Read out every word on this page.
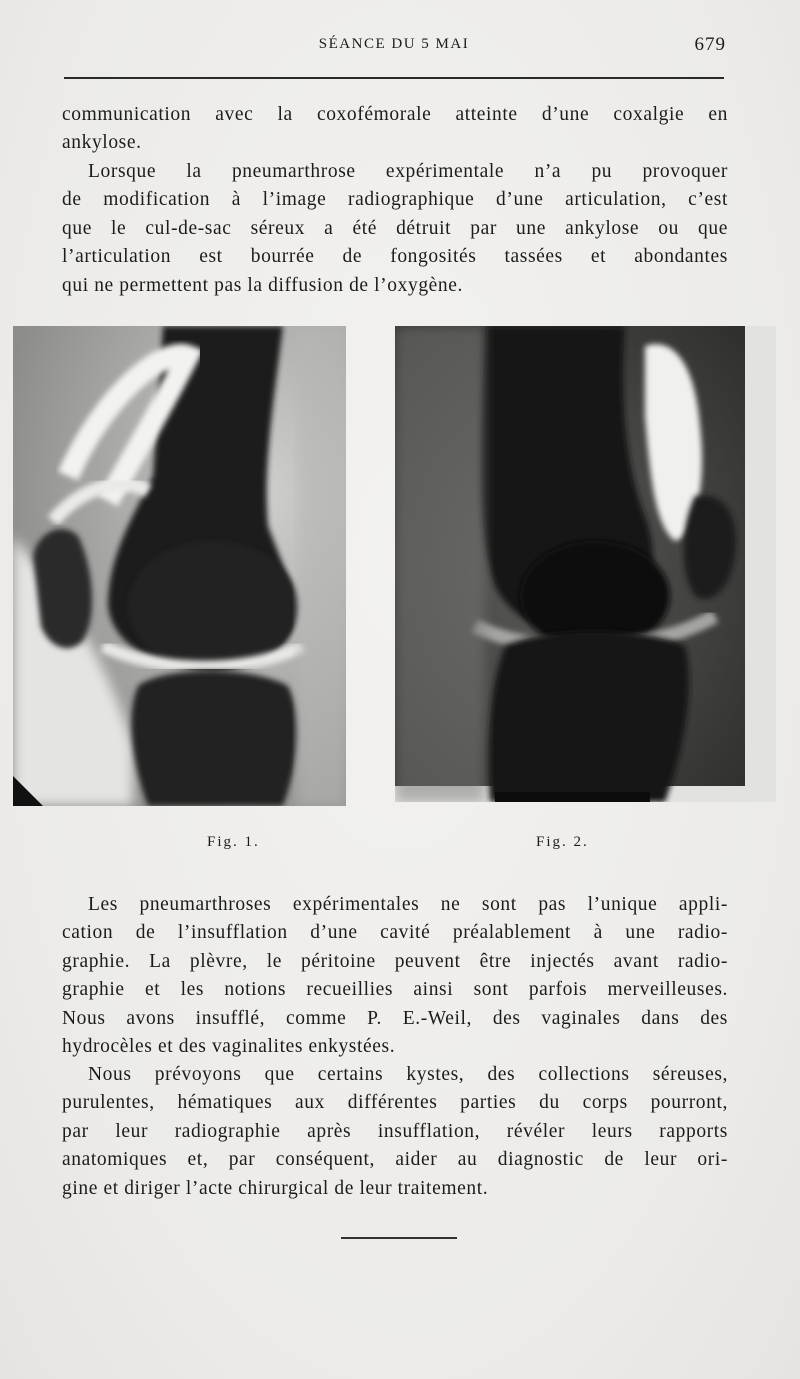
SÉANCE DU 5 MAI	679

communication avec la coxofémorale atteinte d’une coxalgie en
ankylose.

Lorsque la pneumarthrose expérimentale n’a pu provoquer
de modification à l’image radiographique d’une articulation, c’est
que le cul-de-sac séreux a été détruit par une ankylose ou que
l’articulation est bourrée de fongosités tassées et abondantes
qui ne permettent pas la diffusion de l’oxygène.

Fig. 1.	Fig. 2.

Les pneumarthroses expérimentales ne sont pas l’unique appli-
cation de l’insufflation d’une cavité préalablement à une radio-
graphie. La plèvre, le péritoine peuvent être injectés avant radio-
graphie et les notions recueillies ainsi sont parfois merveilleuses.
Nous avons insufflé, comme P. E.-Weil, des vaginales dans des
hydrocèles et des vaginalites enkystées.

Nous prévoyons que certains kystes, des collections séreuses,
purulentes, hématiques aux différentes parties du corps pourront,
par leur radiographie après insufflation, révéler leurs rapports
anatomiques et, par conséquent, aider au diagnostic de leur ori-
gine et diriger l’acte chirurgical de leur traitement.
